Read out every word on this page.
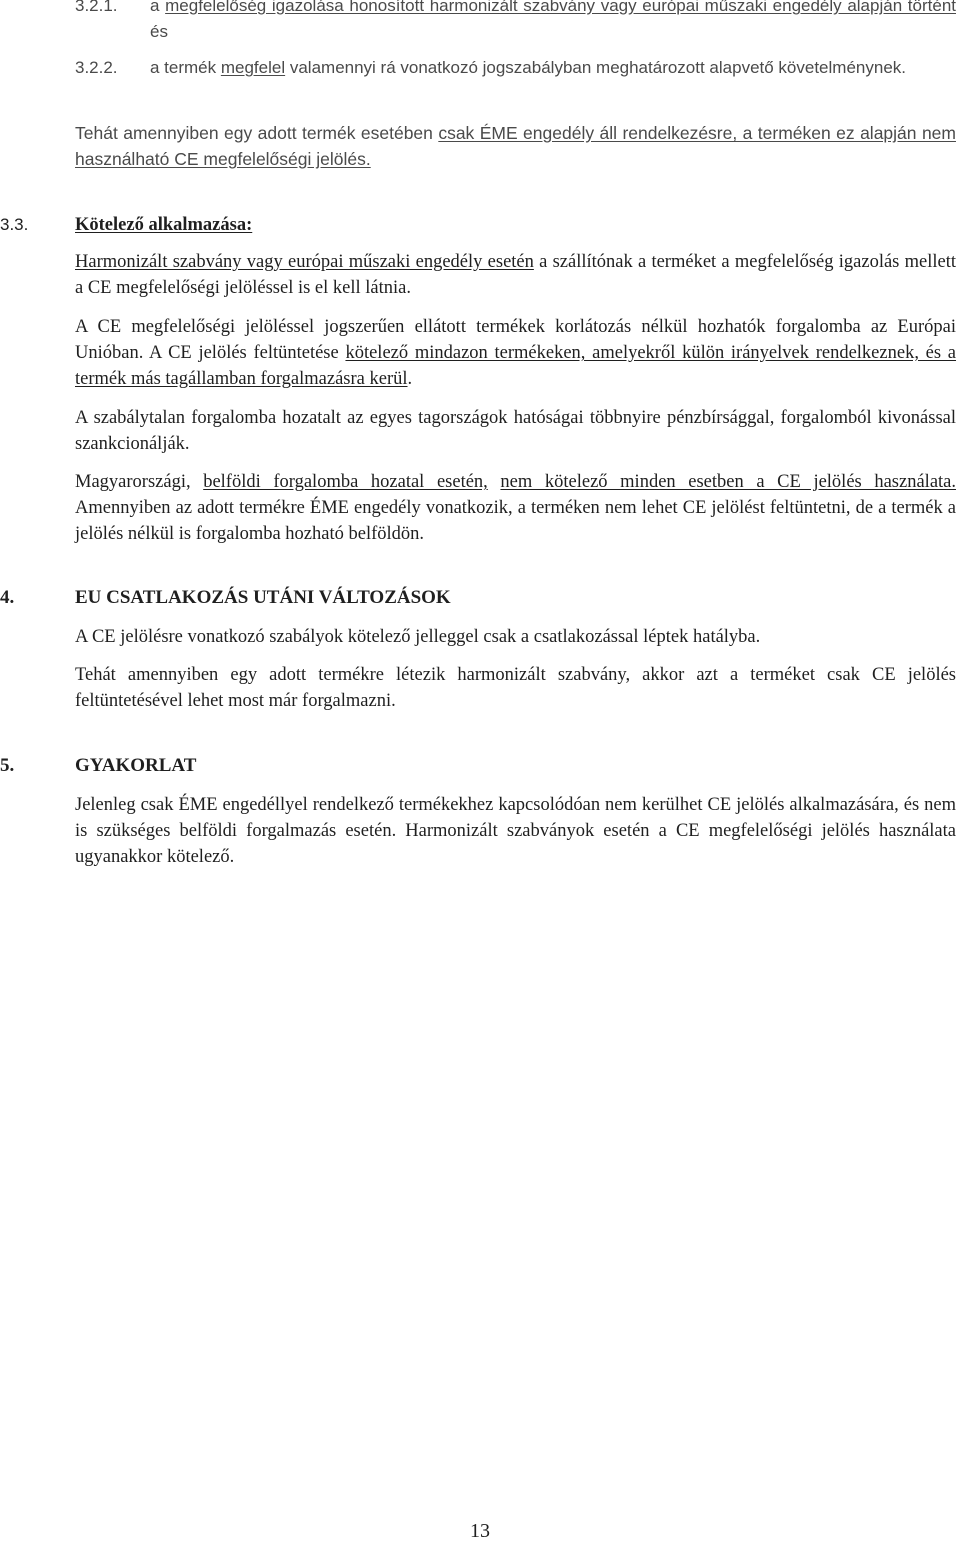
3.2.1. a megfelelőség igazolása honosított harmonizált szabvány vagy európai műszaki engedély alapján történt és

3.2.2. a termék megfelel valamennyi rá vonatkozó jogszabályban meghatározott alapvető követelménynek.

Tehát amennyiben egy adott termék esetében csak ÉME engedély áll rendelkezésre, a terméken ez alapján nem használható CE megfelelőségi jelölés.

3.3.	Kötelező alkalmazása:

Harmonizált szabvány vagy európai műszaki engedély esetén a szállítónak a terméket a megfelelőség igazolás mellett a CE megfelelőségi jelöléssel is el kell látnia.

A CE megfelelőségi jelöléssel jogszerűen ellátott termékek korlátozás nélkül hozhatók forgalomba az Európai Unióban. A CE jelölés feltüntetése kötelező mindazon termékeken, amelyekről külön irányelvek rendelkeznek, és a termék más tagállamban forgalmazásra kerül.

A szabálytalan forgalomba hozatalt az egyes tagországok hatóságai többnyire pénzbírsággal, forgalomból kivonással szankcionálják.

Magyarországi, belföldi forgalomba hozatal esetén, nem kötelező minden esetben a CE jelölés használata. Amennyiben az adott termékre ÉME engedély vonatkozik, a terméken nem lehet CE jelölést feltüntetni, de a termék a jelölés nélkül is forgalomba hozható belföldön.

4.	EU CSATLAKOZÁS UTÁNI VÁLTOZÁSOK

A CE jelölésre vonatkozó szabályok kötelező jelleggel csak a csatlakozással léptek hatályba.

Tehát amennyiben egy adott termékre létezik harmonizált szabvány, akkor azt a terméket csak CE jelölés feltüntetésével lehet most már forgalmazni.

5.	GYAKORLAT

Jelenleg csak ÉME engedéllyel rendelkező termékekhez kapcsolódóan nem kerülhet CE jelölés alkalmazására, és nem is szükséges belföldi forgalmazás esetén. Harmonizált szabványok esetén a CE megfelelőségi jelölés használata ugyanakkor kötelező.

13
